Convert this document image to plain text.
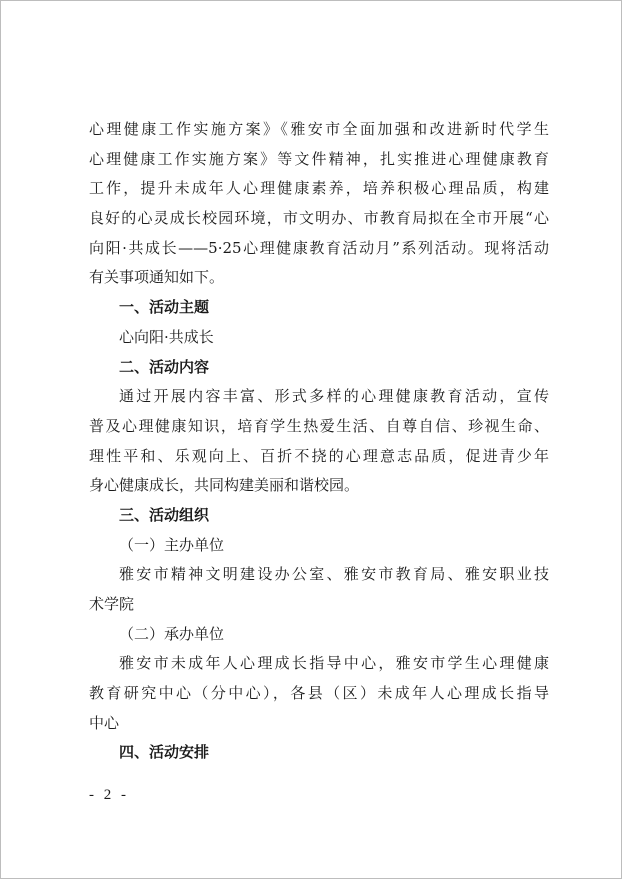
心理健康工作实施方案》《雅安市全面加强和改进新时代学生
心理健康工作实施方案》等文件精神，扎实推进心理健康教育
工作，提升未成年人心理健康素养，培养积极心理品质，构建
良好的心灵成长校园环境，市文明办、市教育局拟在全市开展“心
向阳·共成长——5·25心理健康教育活动月”系列活动。现将活动
有关事项通知如下。
一、活动主题
心向阳·共成长
二、活动内容
通过开展内容丰富、形式多样的心理健康教育活动，宣传
普及心理健康知识，培育学生热爱生活、自尊自信、珍视生命、
理性平和、乐观向上、百折不挠的心理意志品质，促进青少年
身心健康成长，共同构建美丽和谐校园。
三、活动组织
（一）主办单位
雅安市精神文明建设办公室、雅安市教育局、雅安职业技
术学院
（二）承办单位
雅安市未成年人心理成长指导中心，雅安市学生心理健康
教育研究中心（分中心），各县（区）未成年人心理成长指导
中心
四、活动安排
- 2 -
